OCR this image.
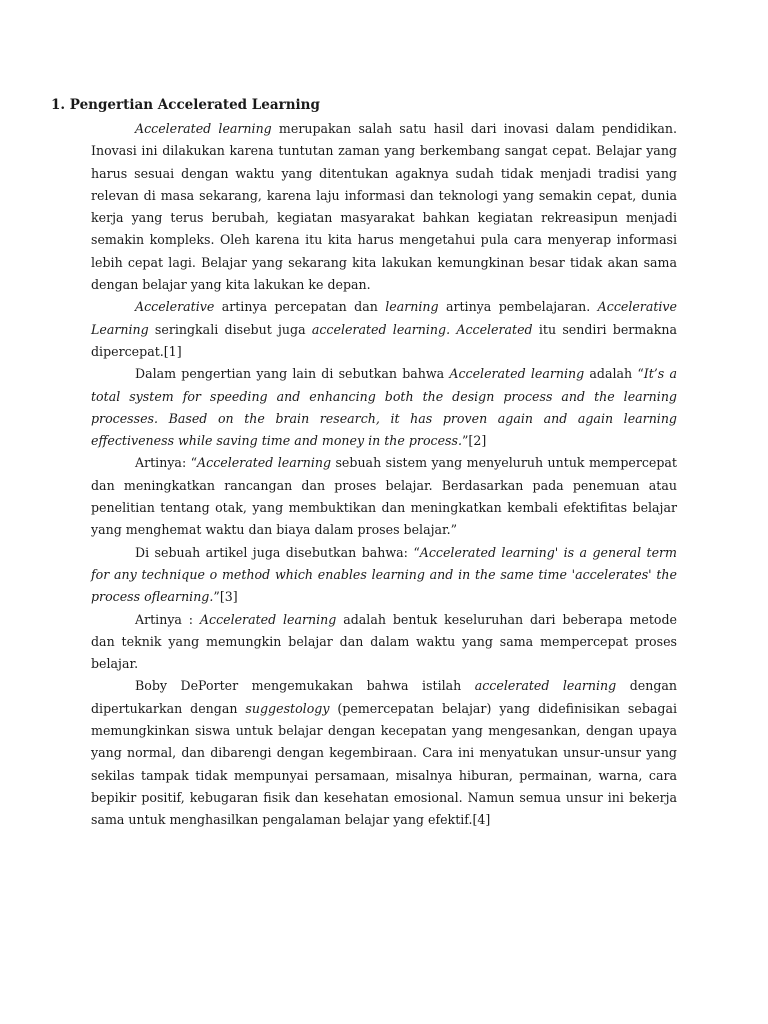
1. Pengertian Accelerated Learning

Accelerated learning merupakan salah satu hasil dari inovasi dalam pendidikan. Inovasi ini dilakukan karena tuntutan zaman yang berkembang sangat cepat. Belajar yang harus sesuai dengan waktu yang ditentukan agaknya sudah tidak menjadi tradisi yang relevan di masa sekarang, karena laju informasi dan teknologi yang semakin cepat, dunia kerja yang terus berubah, kegiatan masyarakat bahkan kegiatan rekreasipun menjadi semakin kompleks. Oleh karena itu kita harus mengetahui pula cara menyerap informasi lebih cepat lagi. Belajar yang sekarang kita lakukan kemungkinan besar tidak akan sama dengan belajar yang kita lakukan ke depan.

Accelerative artinya percepatan dan learning artinya pembelajaran. Accelerative Learning seringkali disebut juga accelerated learning. Accelerated itu sendiri bermakna dipercepat.[1]

Dalam pengertian yang lain di sebutkan bahwa Accelerated learning adalah “It’s a total system for speeding and enhancing both the design process and the learning processes. Based on the brain research, it has proven again and again learning effectiveness while saving time and money in the process.”[2]

Artinya: “Accelerated learning sebuah sistem yang menyeluruh untuk mempercepat dan meningkatkan rancangan dan proses belajar. Berdasarkan pada penemuan atau penelitian tentang otak, yang membuktikan dan meningkatkan kembali efektifitas belajar yang menghemat waktu dan biaya dalam proses belajar.”

Di sebuah artikel juga disebutkan bahwa: “Accelerated learning' is a general term for any technique o method which enables learning and in the same time 'accelerates' the process oflearning.”[3]

Artinya : Accelerated learning adalah bentuk keseluruhan dari beberapa metode dan teknik yang memungkin belajar dan dalam waktu yang sama mempercepat proses belajar.

Boby DePorter mengemukakan bahwa istilah accelerated learning dengan dipertukarkan dengan suggestology (pemercepatan belajar) yang didefinisikan sebagai memungkinkan siswa untuk belajar dengan kecepatan yang mengesankan, dengan upaya yang normal, dan dibarengi dengan kegembiraan. Cara ini menyatukan unsur-unsur yang sekilas tampak tidak mempunyai persamaan, misalnya hiburan, permainan, warna, cara bepikir positif, kebugaran fisik dan kesehatan emosional. Namun semua unsur ini bekerja sama untuk menghasilkan pengalaman belajar yang efektif.[4]
